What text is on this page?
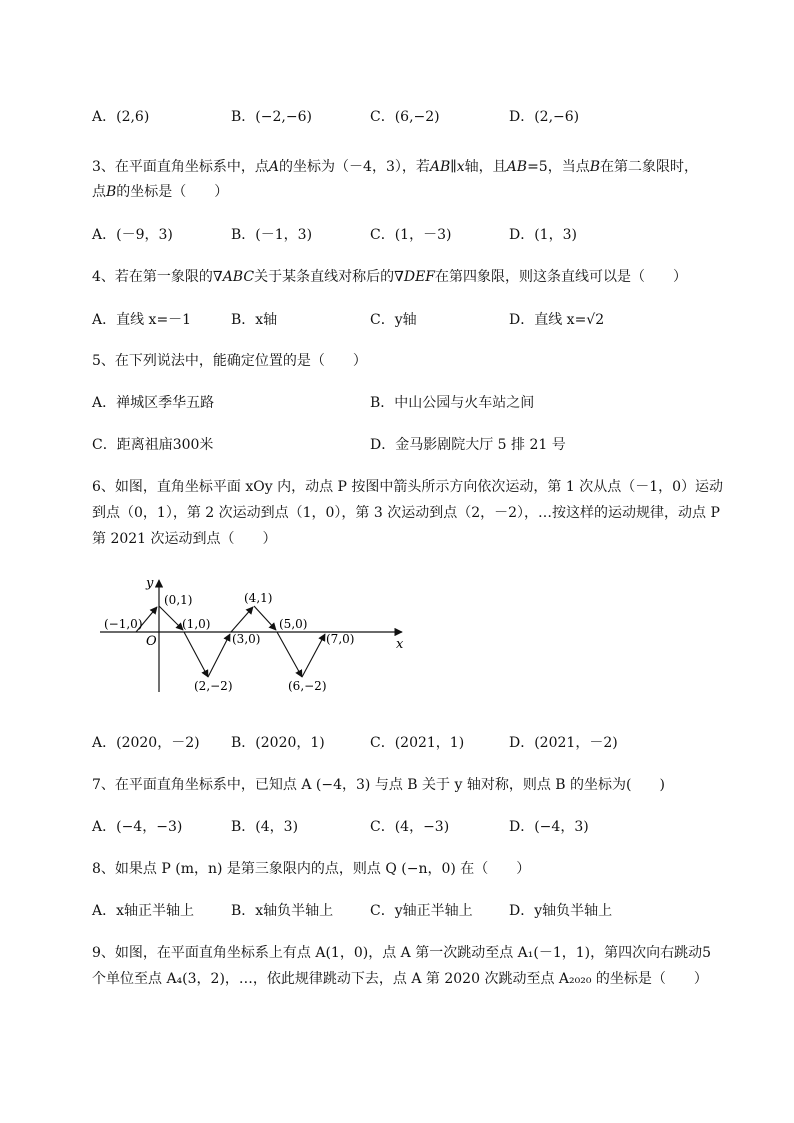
A．(2,6)	B．(−2,−6)	C．(6,−2)	D．(2,−6)
3、在平面直角坐标系中，点A的坐标为（－4，3），若AB∥x轴，且AB=5，当点B在第二象限时，
点B的坐标是（　　）
A．(－9，3)	B．(－1，3)	C．(1，－3)	D．(1，3)
4、若在第一象限的∇ABC关于某条直线对称后的∇DEF在第四象限，则这条直线可以是（　　）
A．直线 x=－1	B．x轴	C．y轴	D．直线 x=√2
5、在下列说法中，能确定位置的是（　　）
A．禅城区季华五路	B．中山公园与火车站之间
C．距离祖庙300米	D．金马影剧院大厅 5 排 21 号
6、如图，直角坐标平面 xOy 内，动点 P 按图中箭头所示方向依次运动，第 1 次从点（－1，0）运动
到点（0，1），第 2 次运动到点（1，0），第 3 次运动到点（2，－2），…按这样的运动规律，动点 P
第 2021 次运动到点（　　）
y
x
O
(−1,0)
(0,1)
(1,0)
(2,−2)
(3,0)
(4,1)
(5,0)
(6,−2)
(7,0)
A．(2020，－2) B．(2020，1)	C．(2021，1)	D．(2021，－2)
7、在平面直角坐标系中，已知点 A (−4，3) 与点 B 关于 y 轴对称，则点 B 的坐标为(　　)
A．(−4，−3)	B．(4，3)	C．(4，−3)	D．(−4，3)
8、如果点 P (m，n) 是第三象限内的点，则点 Q (−n，0) 在（　　）
A．x轴正半轴上	B．x轴负半轴上	C．y轴正半轴上	D．y轴负半轴上
9、如图，在平面直角坐标系上有点 A(1，0)，点 A 第一次跳动至点 A₁(－1，1)，第四次向右跳动5
个单位至点 A₄(3，2)，…，依此规律跳动下去，点 A 第 2020 次跳动至点 A₂₀₂₀ 的坐标是（　　）
